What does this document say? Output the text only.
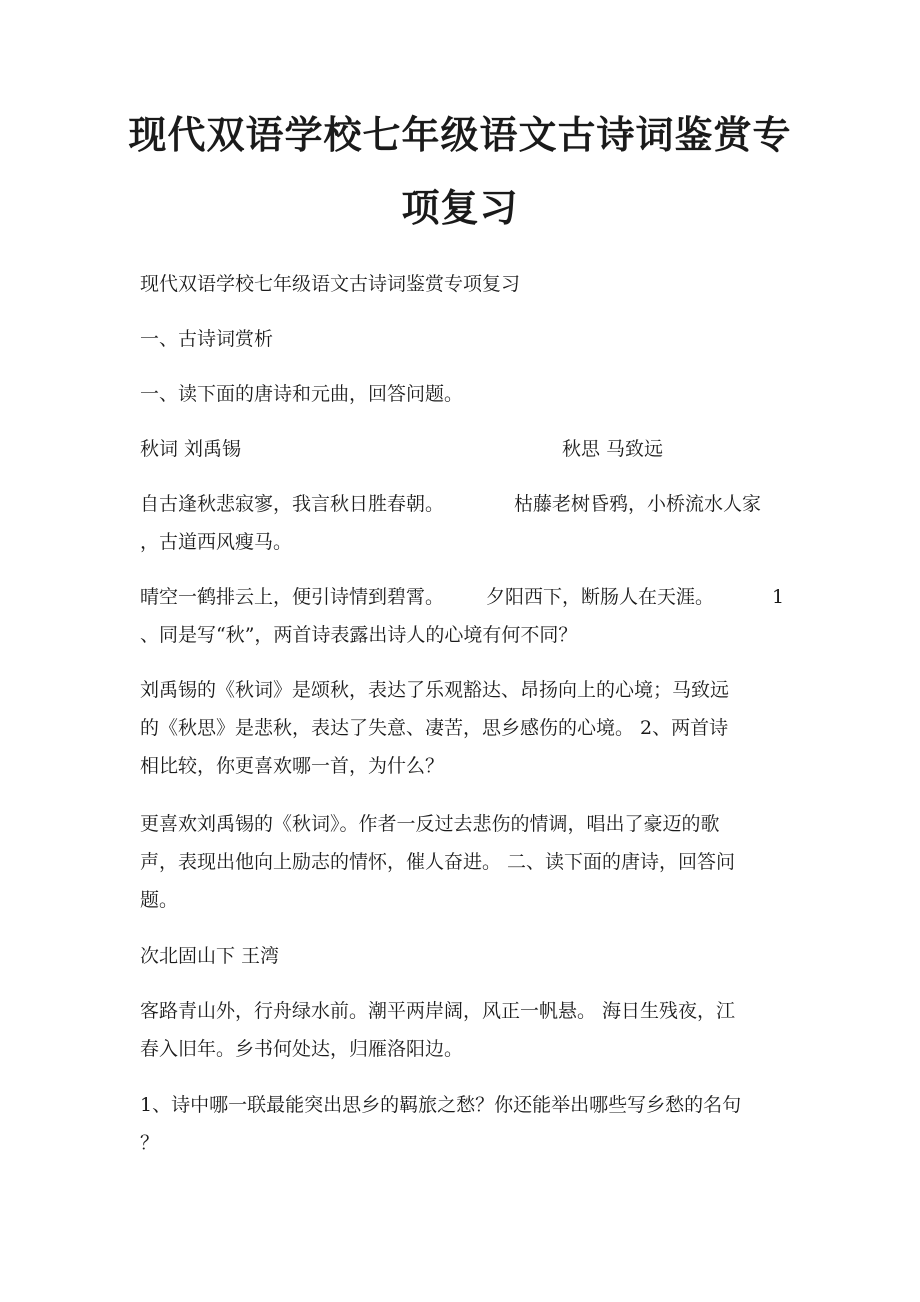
现代双语学校七年级语文古诗词鉴赏专
项复习

现代双语学校七年级语文古诗词鉴赏专项复习

一、古诗词赏析

一、读下面的唐诗和元曲，回答问题。

秋词 刘禹锡	秋思 马致远

自古逢秋悲寂寥，我言秋日胜春朝。	枯藤老树昏鸦，小桥流水人家

，古道西风瘦马。

晴空一鹤排云上，便引诗情到碧霄。	夕阳西下，断肠人在天涯。	1

、同是写“秋”，两首诗表露出诗人的心境有何不同？

刘禹锡的《秋词》是颂秋，表达了乐观豁达、昂扬向上的心境；马致远
的《秋思》是悲秋，表达了失意、凄苦，思乡感伤的心境。 2、两首诗
相比较，你更喜欢哪一首，为什么？
更喜欢刘禹锡的《秋词》。作者一反过去悲伤的情调，唱出了豪迈的歌
声，表现出他向上励志的情怀，催人奋进。 二、读下面的唐诗，回答问
题。

次北固山下 王湾

客路青山外，行舟绿水前。潮平两岸阔，风正一帆悬。 海日生残夜，江
春入旧年。乡书何处达，归雁洛阳边。
1、诗中哪一联最能突出思乡的羁旅之愁？你还能举出哪些写乡愁的名句
？
